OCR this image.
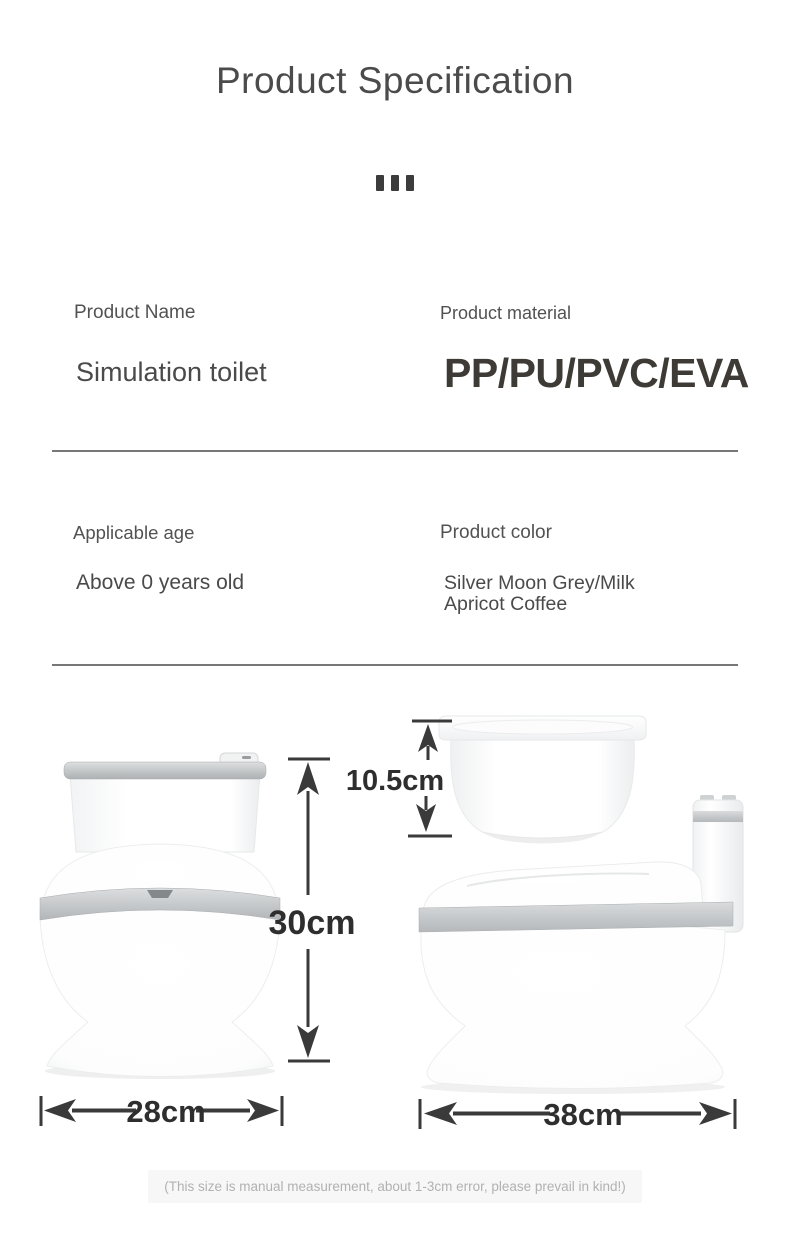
Product Specification
Product Name
Simulation toilet
Product material
PP/PU/PVC/EVA
Applicable age
Above 0 years old
Product color
Silver Moon Grey/Milk Apricot Coffee
10.5cm
30cm
28cm	38cm
(This size is manual measurement, about 1-3cm error, please prevail in kind!)
